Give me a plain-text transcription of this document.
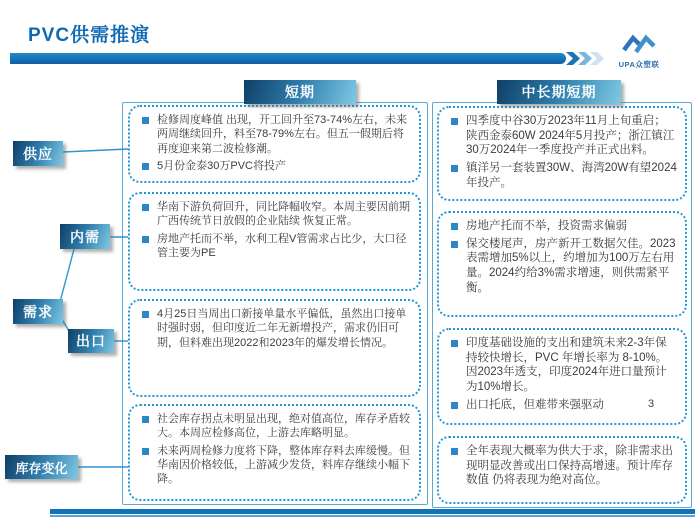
PVC供需推演
UPA众塑联
短期	中长期短期
供应
内需
需求
出口
库存变化
检修周度峰值 出现，开工回升至73-74%左右，未来两周继续回升，料至78-79%左右。但五一假期后将再度迎来第二波检修潮。
5月份金泰30万PVC将投产
华南下游负荷回升，同比降幅收窄。本周主要因前期广西传统节日放假的企业陆续 恢复正常。
房地产托而不举，水利工程V管需求占比少，大口径管主要为PE
4月25日当周出口新接单量水平偏低，虽然出口接单时强时弱，但印度近二年无新增投产，需求仍旧可期，但料难出现2022和2023年的爆发增长情况。
社会库存拐点未明显出现，绝对值高位，库存矛盾较大。本周应检修高位，上游去库略明显。
未来两周检修力度将下降，整体库存料去库缓慢。但华南因价格较低，上游减少发货，料库存继续小幅下降。
四季度中谷30万2023年11月上旬重启；陕西金泰60W 2024年5月投产；浙江镇江30万2024年一季度投产并正式出料。
镇洋另一套装置30W、海湾20W有望2024年投产。
房地产托而不举，投资需求偏弱
保交楼尾声，房产新开工数据欠佳。2023表需增加5%以上，约增加为100万左右用量。2024约给3%需求增速，则供需紧平衡。
印度基础设施的支出和建筑未来2-3年保持较快增长，PVC 年增长率为 8-10%。因2023年透支，印度2024年进口量预计为10%增长。
出口托底，但难带来强驱动
全年表现大概率为供大于求，除非需求出现明显改善或出口保持高增速。预计库存数值 仍将表现为绝对高位。
3
